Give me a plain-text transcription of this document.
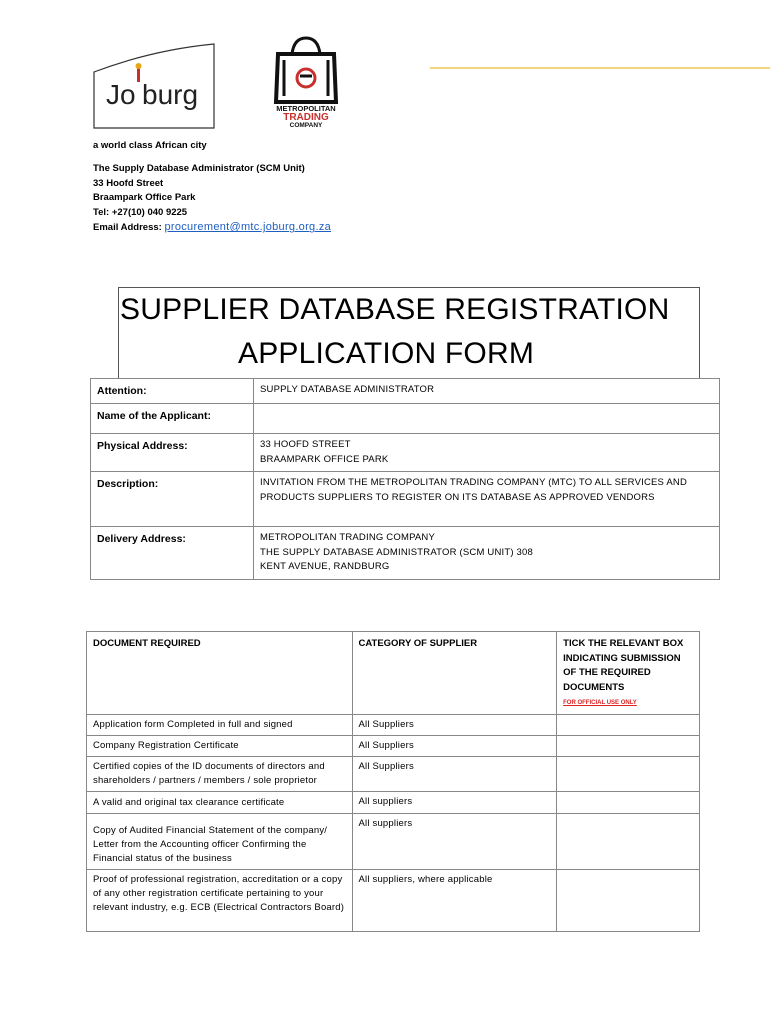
Jo burg	METROPOLITAN
TRADING
COMPANY
a world class African city
The Supply Database Administrator (SCM Unit)
33 Hoofd Street
Braampark Office Park
Tel: +27(10) 040 9225
Email Address: procurement@mtc.joburg.org.za
SUPPLIER DATABASE REGISTRATION
APPLICATION FORM
Attention:	SUPPLY DATABASE ADMINISTRATOR
Name of the Applicant:	
Physical Address:	33 HOOFD STREET
BRAAMPARK OFFICE PARK

Description:	INVITATION FROM THE METROPOLITAN TRADING COMPANY (MTC) TO ALL SERVICES AND PRODUCTS SUPPLIERS TO REGISTER ON ITS DATABASE AS APPROVED VENDORS
Delivery Address:	METROPOLITAN TRADING COMPANY
THE SUPPLY DATABASE ADMINISTRATOR (SCM UNIT) 308
KENT AVENUE, RANDBURG
DOCUMENT REQUIRED	CATEGORY OF SUPPLIER	TICK THE RELEVANT BOX INDICATING SUBMISSION OF THE REQUIRED DOCUMENTS
FOR OFFICIAL USE ONLY

Application form Completed in full and signed	All Suppliers	
Company Registration Certificate	All Suppliers	
Certified copies of the ID documents of directors and shareholders / partners / members / sole proprietor	All Suppliers	
A valid and original tax clearance certificate	All suppliers	
Copy of Audited Financial Statement of the company/ Letter from the Accounting officer Confirming the Financial status of the business	All suppliers	
Proof of professional registration, accreditation or a copy of any other registration certificate pertaining to your relevant industry, e.g. ECB (Electrical Contractors Board)	All suppliers, where applicable	
